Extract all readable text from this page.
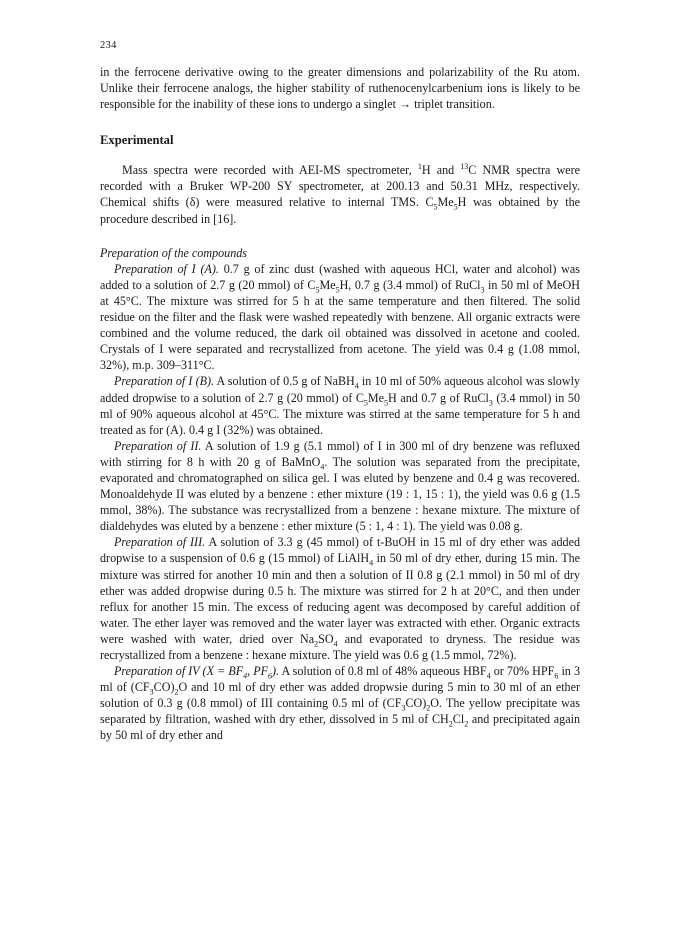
234

in the ferrocene derivative owing to the greater dimensions and polarizability of the Ru atom. Unlike their ferrocene analogs, the higher stability of ruthenocenylcarbenium ions is likely to be responsible for the inability of these ions to undergo a singlet → triplet transition.

Experimental

Mass spectra were recorded with AEI-MS spectrometer, $^1$H and $^{13}$C NMR spectra were recorded with a Bruker WP-200 SY spectrometer, at 200.13 and 50.31 MHz, respectively. Chemical shifts (δ) were measured relative to internal TMS. $C_5Me_5H$ was obtained by the procedure described in [16].

Preparation of the compounds

Preparation of I (A). 0.7 g of zinc dust (washed with aqueous HCl, water and alcohol) was added to a solution of 2.7 g (20 mmol) of $C_5Me_5H$, 0.7 g (3.4 mmol) of RuCl$_3$ in 50 ml of MeOH at 45°C. The mixture was stirred for 5 h at the same temperature and then filtered. The solid residue on the filter and the flask were washed repeatedly with benzene. All organic extracts were combined and the volume reduced, the dark oil obtained was dissolved in acetone and cooled. Crystals of I were separated and recrystallized from acetone. The yield was 0.4 g (1.08 mmol, 32%), m.p. 309–311°C.

Preparation of I (B). A solution of 0.5 g of NaBH$_4$ in 10 ml of 50% aqueous alcohol was slowly added dropwise to a solution of 2.7 g (20 mmol) of $C_5Me_5H$ and 0.7 g of RuCl$_3$ (3.4 mmol) in 50 ml of 90% aqueous alcohol at 45°C. The mixture was stirred at the same temperature for 5 h and treated as for (A). 0.4 g I (32%) was obtained.

Preparation of II. A solution of 1.9 g (5.1 mmol) of I in 300 ml of dry benzene was refluxed with stirring for 8 h with 20 g of BaMnO$_4$. The solution was separated from the precipitate, evaporated and chromatographed on silica gel. I was eluted by benzene and 0.4 g was recovered. Monoaldehyde II was eluted by a benzene : ether mixture (19 : 1, 15 : 1), the yield was 0.6 g (1.5 mmol, 38%). The substance was recrystallized from a benzene : hexane mixture. The mixture of dialdehydes was eluted by a benzene : ether mixture (5 : 1, 4 : 1). The yield was 0.08 g.

Preparation of III. A solution of 3.3 g (45 mmol) of t-BuOH in 15 ml of dry ether was added dropwise to a suspension of 0.6 g (15 mmol) of LiAlH$_4$ in 50 ml of dry ether, during 15 min. The mixture was stirred for another 10 min and then a solution of II 0.8 g (2.1 mmol) in 50 ml of dry ether was added dropwise during 0.5 h. The mixture was stirred for 2 h at 20°C, and then under reflux for another 15 min. The excess of reducing agent was decomposed by careful addition of water. The ether layer was removed and the water layer was extracted with ether. Organic extracts were washed with water, dried over $Na_2SO_4$ and evaporated to dryness. The residue was recrystallized from a benzene : hexane mixture. The yield was 0.6 g (1.5 mmol, 72%).

Preparation of IV ($X = BF_4$, $PF_6$). A solution of 0.8 ml of 48% aqueous $HBF_4$ or 70% $HPF_6$ in 3 ml of $(CF_3CO)_2O$ and 10 ml of dry ether was added dropwsie during 5 min to 30 ml of an ether solution of 0.3 g (0.8 mmol) of III containing 0.5 ml of $(CF_3CO)_2O$. The yellow precipitate was separated by filtration, washed with dry ether, dissolved in 5 ml of $CH_2Cl_2$ and precipitated again by 50 ml of dry ether and
